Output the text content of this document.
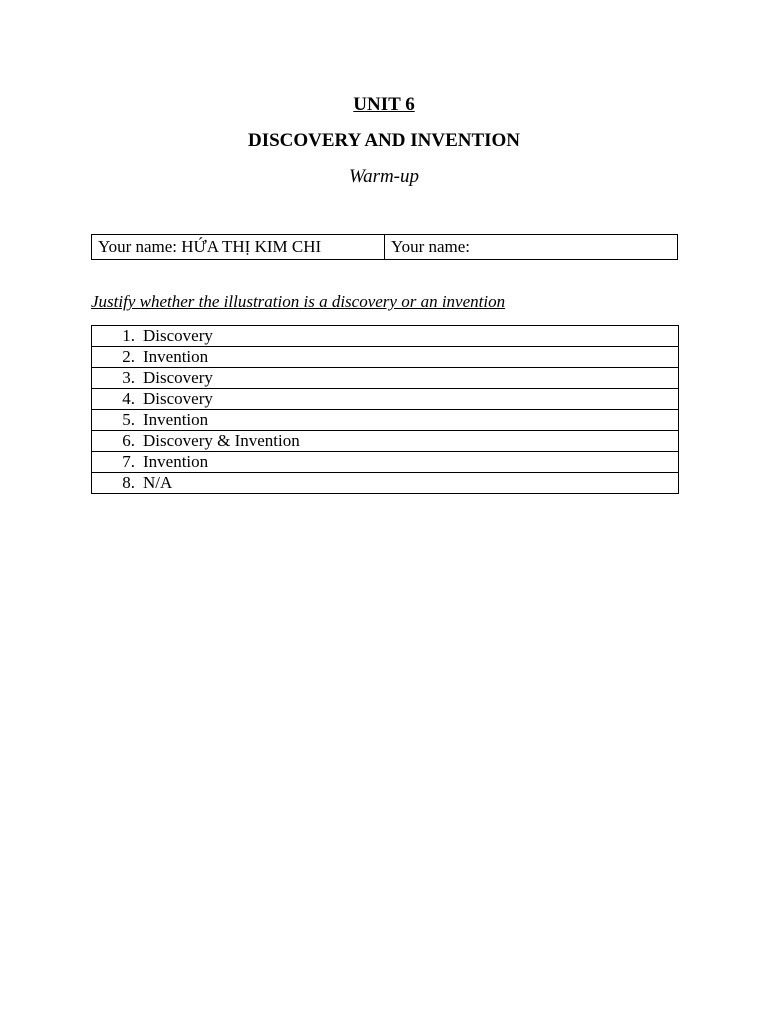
UNIT 6
DISCOVERY AND INVENTION
Warm-up
Your name: HỨA THỊ KIM CHI	Your name:
Justify whether the illustration is a discovery or an invention
1. Discovery
2. Invention
3. Discovery
4. Discovery
5. Invention
6. Discovery & Invention
7. Invention
8. N/A
